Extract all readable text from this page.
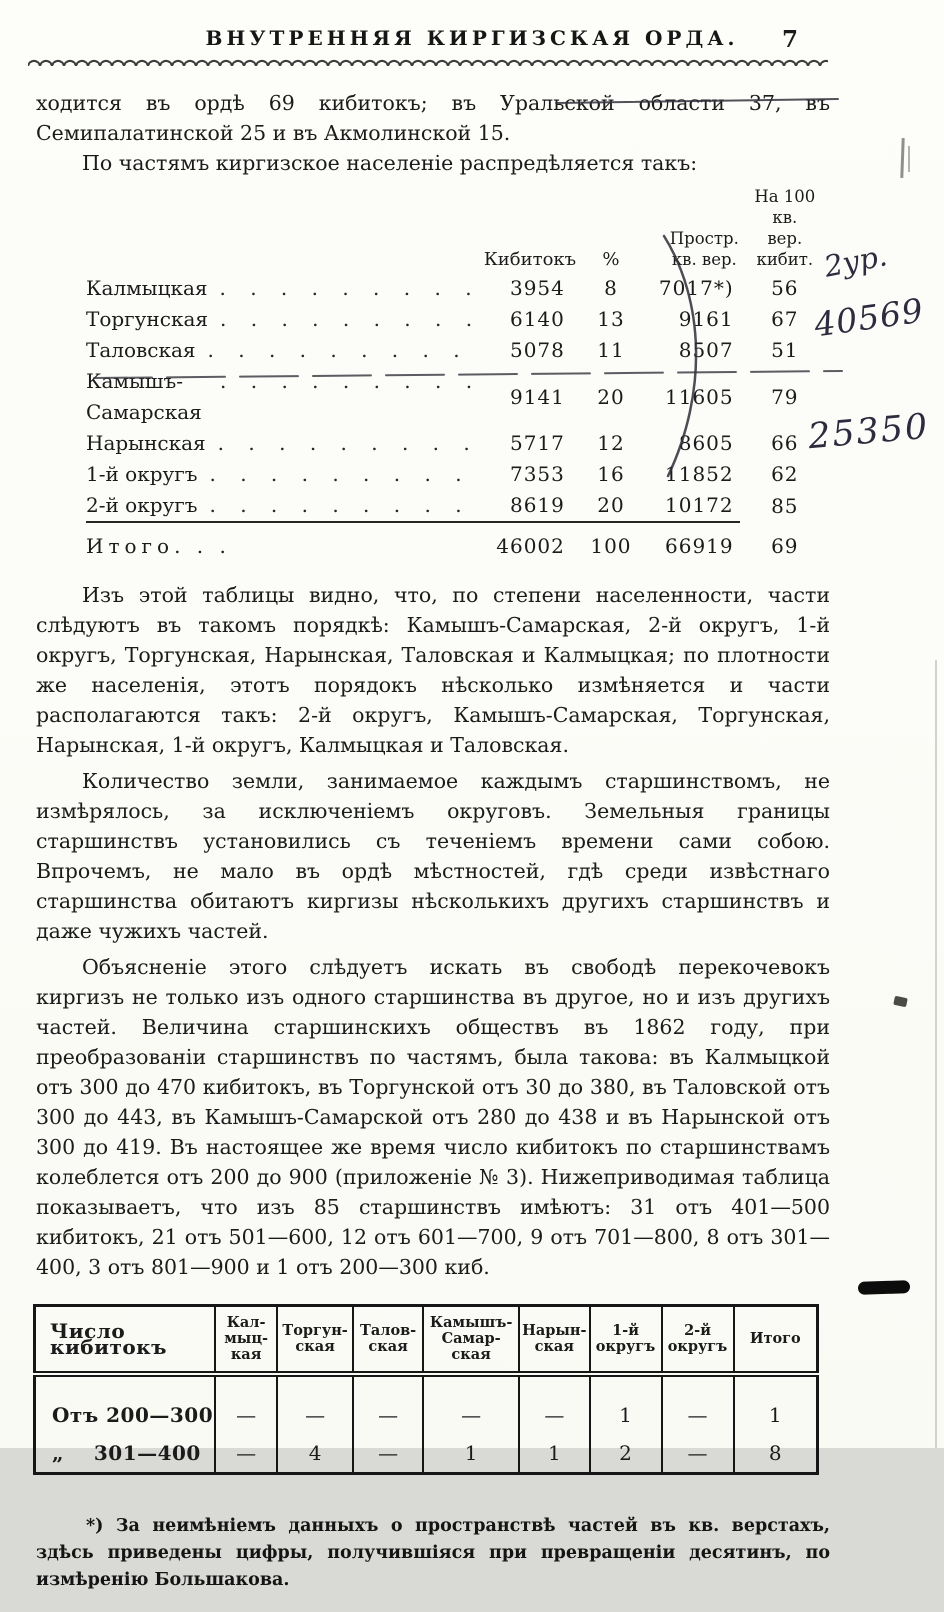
ВНУТРЕННЯЯ КИРГИЗСКАЯ ОРДА.	7

ходится въ ордѣ 69 кибитокъ; въ Уральской области 37, въ Семипалатинской 25 и въ Акмолинской 15.

По частямъ киргизское населеніе распредѣляется такъ:

	Кибитокъ	%	Простр.
кв. вер.	На 100 кв.
вер. кибит.

Калмыцкая . . . . . . . . .	3954	8	7017*)	56

Торгунская . . . . . . . . .	6140	13	9161	67

Таловская . . . . . . . . .	5078	11	8507	51

Камышъ-Самарская
. . . . . . . . .	9141	20	11605	79

Нарынская . . . . . . . . .	5717	12	8605	66

1-й округъ . . . . . . . . .	7353	16	11852	62

2-й округъ . . . . . . . . .	8619	20	10172	85
Итого. . .	46002	100	66919	69

Изъ этой таблицы видно, что, по степени населенности, части слѣдуютъ въ такомъ порядкѣ: Камышъ-Самарская, 2-й округъ, 1-й округъ, Торгунская, Нарынская, Таловская и Калмыцкая; по плотности же населенія, этотъ порядокъ нѣсколько измѣняется и части располагаются такъ: 2-й округъ, Камышъ-Самарская, Торгунская, Нарынская, 1-й округъ, Калмыцкая и Таловская.

Количество земли, занимаемое каждымъ старшинствомъ, не измѣрялось, за исключеніемъ округовъ. Земельныя границы старшинствъ установились съ теченіемъ времени сами собою. Впрочемъ, не мало въ ордѣ мѣстностей, гдѣ среди извѣстнаго старшинства обитаютъ киргизы нѣсколькихъ другихъ старшинствъ и даже чужихъ частей.

Объясненіе этого слѣдуетъ искать въ свободѣ перекочевокъ киргизъ не только изъ одного старшинства въ другое, но и изъ другихъ частей. Величина старшинскихъ обществъ въ 1862 году, при преобразованіи старшинствъ по частямъ, была такова: въ Калмыцкой отъ 300 до 470 кибитокъ, въ Торгунской отъ 30 до 380, въ Таловской отъ 300 до 443, въ Камышъ-Самарской отъ 280 до 438 и въ Нарынской отъ 300 до 419. Въ настоящее же время число кибитокъ по старшинствамъ колеблется отъ 200 до 900 (приложеніе № 3). Нижеприводимая таблица показываетъ, что изъ 85 старшинствъ имѣютъ: 31 отъ 401—500 кибитокъ, 21 отъ 501—600, 12 отъ 601—700, 9 отъ 701—800, 8 отъ 301—400, 3 отъ 801—900 и 1 отъ 200—300 киб.

Число кибитокъ	Кал-
мыц-
кая	Торгун-
ская	Талов-
ская	Камышъ-
Самар-
ская	Нарын-
ская	1-й
округъ	2-й
округъ	Итого
Отъ 200—300	—	—	—	—	—	1	—	1
„    301—400	—	4	—	1	1	2	—	8

*) За неимѣніемъ данныхъ о пространствѣ частей въ кв. верстахъ, здѣсь приведены цифры, получившіяся при превращеніи десятинъ, по измѣренію Большакова.

2ур.
40569
25350
